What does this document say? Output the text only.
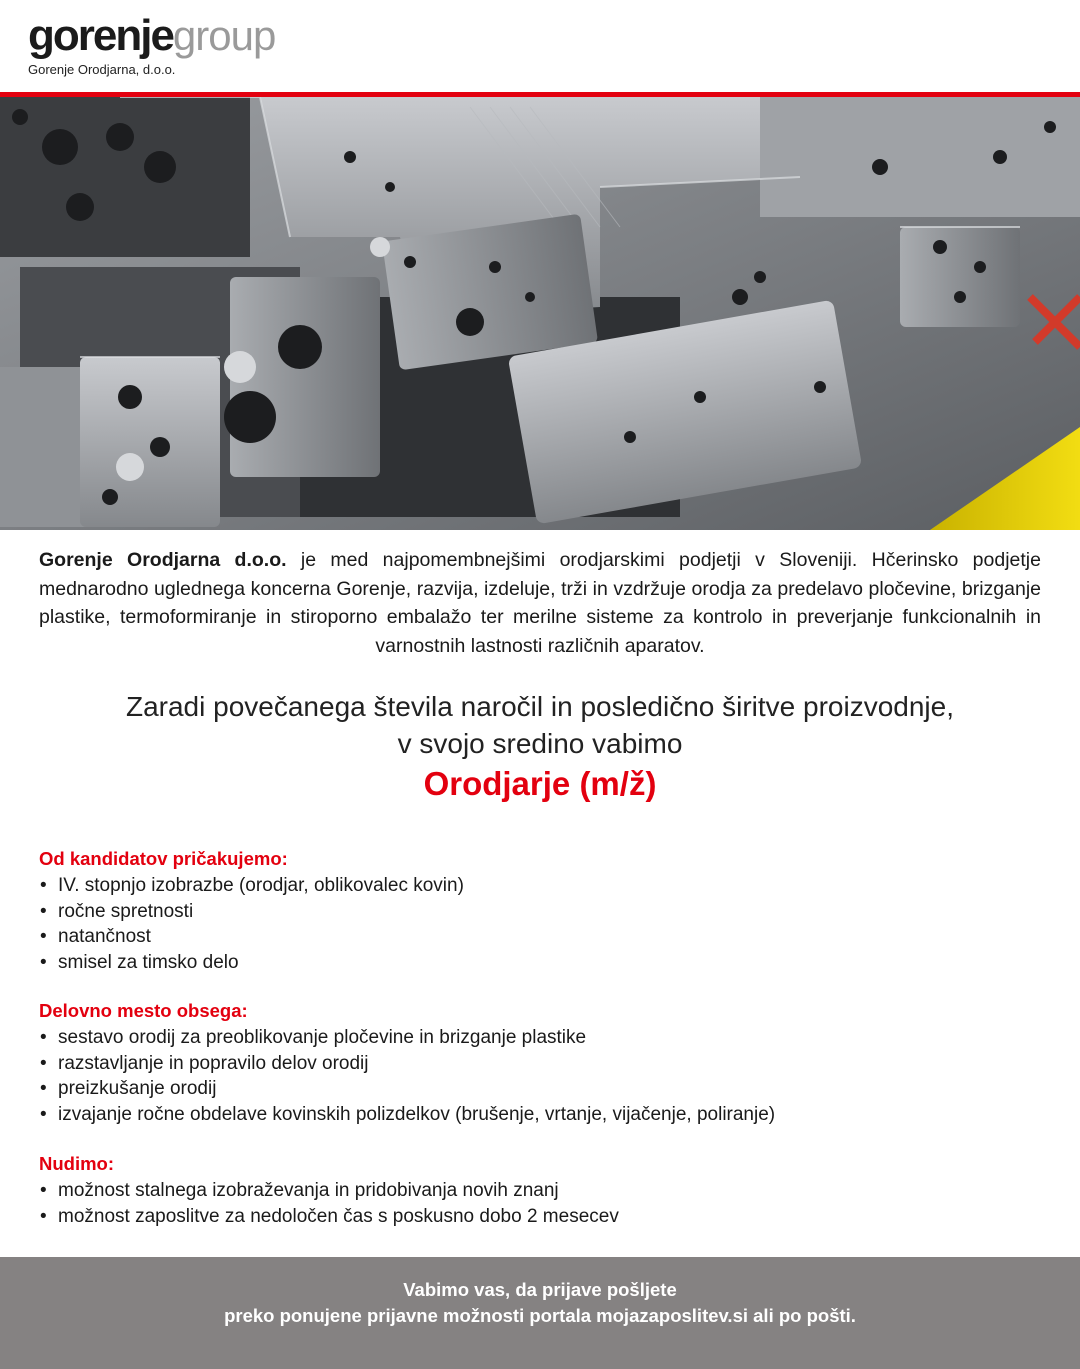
gorenje group
Gorenje Orodjarna, d.o.o.
Gorenje Orodjarna d.o.o. je med najpomembnejšimi orodjarskimi podjetji v Sloveniji. Hčerinsko podjetje mednarodno uglednega koncerna Gorenje, razvija, izdeluje, trži in vzdržuje orodja za predelavo pločevine, brizganje plastike, termoformiranje in stiroporno embalažo ter merilne sisteme za kontrolo in preverjanje funkcionalnih in varnostnih lastnosti različnih aparatov.
Zaradi povečanega števila naročil in posledično širitve proizvodnje,
v svojo sredino vabimo
Orodjarje (m/ž)
Od kandidatov pričakujemo:
• IV. stopnjo izobrazbe (orodjar, oblikovalec kovin)
• ročne spretnosti
• natančnost
• smisel za timsko delo
Delovno mesto obsega:
• sestavo orodij za preoblikovanje pločevine in brizganje plastike
• razstavljanje in popravilo delov orodij
• preizkušanje orodij
• izvajanje ročne obdelave kovinskih polizdelkov (brušenje, vrtanje, vijačenje, poliranje)
Nudimo:
• možnost stalnega izobraževanja in pridobivanja novih znanj
• možnost zaposlitve za nedoločen čas s poskusno dobo 2 mesecev

Vabimo vas, da prijave pošljete

preko ponujene prijavne možnosti portala mojazaposlitev.si ali po pošti.
